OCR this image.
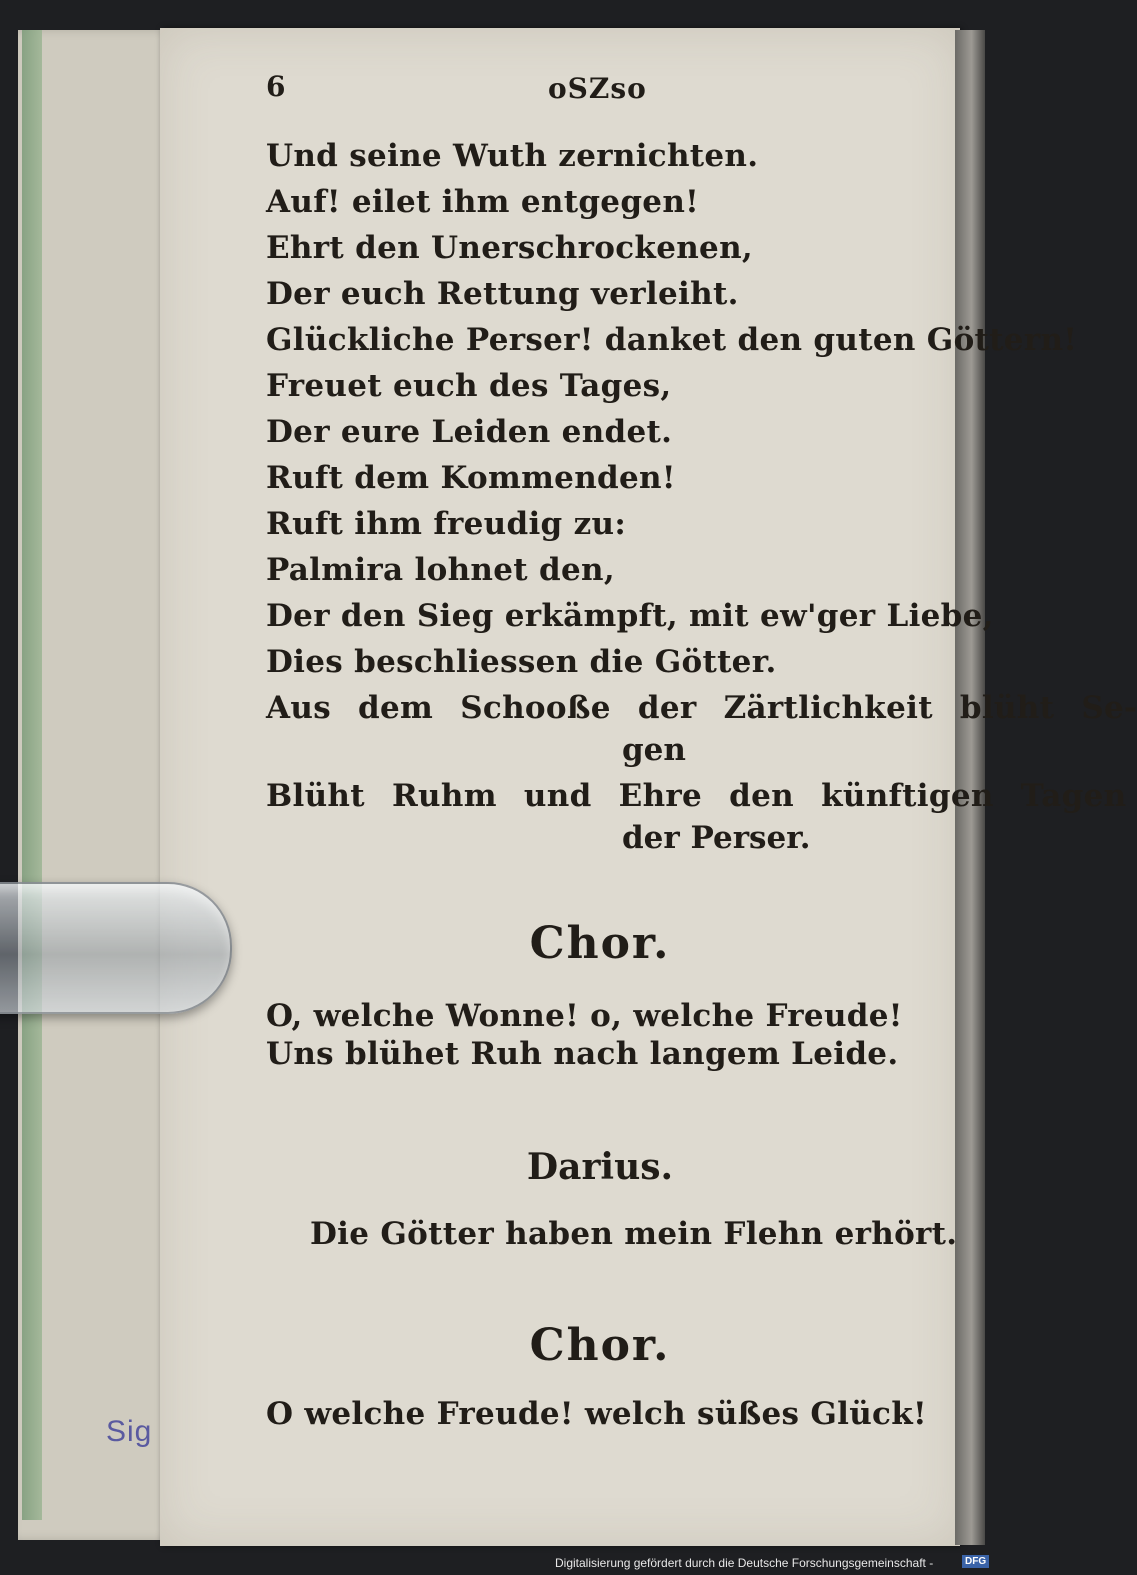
Sig
6	oSZso
Und seine Wuth zernichten.
Auf! eilet ihm entgegen!
Ehrt den Unerschrockenen,
Der euch Rettung verleiht.
Glückliche Perser! danket den guten Göttern!
Freuet euch des Tages,
Der eure Leiden endet.
Ruft dem Kommenden!
Ruft ihm freudig zu:
Palmira lohnet den,
Der den Sieg erkämpft, mit ew'ger Liebe,
Dies beschliessen die Götter.
Aus dem Schooße der Zärtlichkeit blüht Se-
gen
Blüht Ruhm und Ehre den künftigen Tagen
der Perser.
Chor.
O, welche Wonne! o, welche Freude!
Uns blühet Ruh nach langem Leide.
Darius.
Die Götter haben mein Flehn erhört.
Chor.
O welche Freude! welch süßes Glück!
Digitalisierung gefördert durch die Deutsche Forschungsgemeinschaft -	DFG
